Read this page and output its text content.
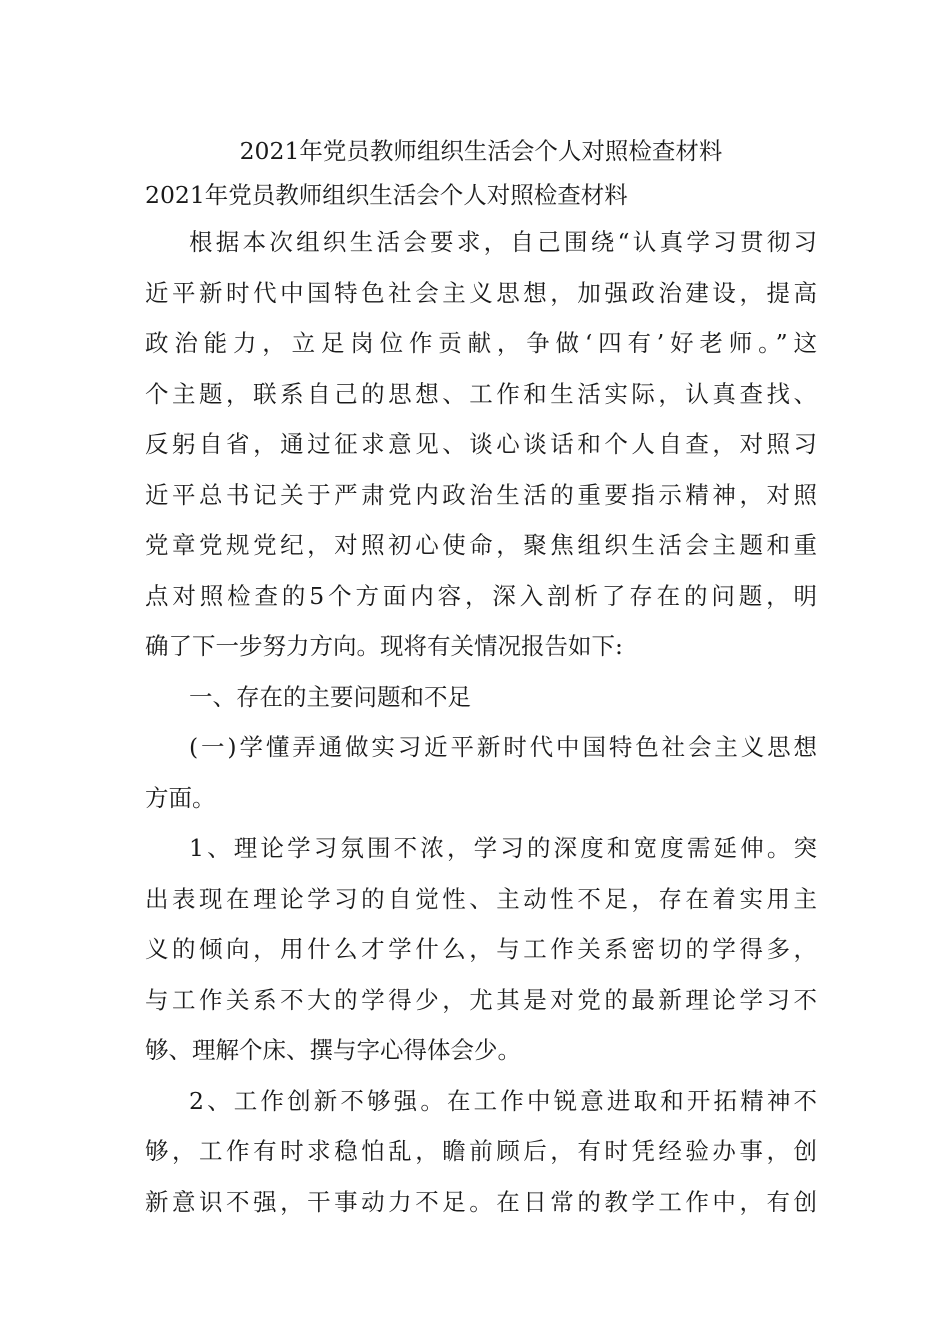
2021年党员教师组织生活会个人对照检查材料
2021年党员教师组织生活会个人对照检查材料
根据本次组织生活会要求，自己围绕“认真学习贯彻习
近平新时代中国特色社会主义思想，加强政治建设，提高
政治能力，立足岗位作贡献，争做‘四有’好老师。”这
个主题，联系自己的思想、工作和生活实际，认真查找、
反躬自省，通过征求意见、谈心谈话和个人自查，对照习
近平总书记关于严肃党内政治生活的重要指示精神，对照
党章党规党纪，对照初心使命，聚焦组织生活会主题和重
点对照检查的5个方面内容，深入剖析了存在的问题，明
确了下一步努力方向。现将有关情况报告如下:
一、存在的主要问题和不足
(一)学懂弄通做实习近平新时代中国特色社会主义思想
方面。
1、理论学习氛围不浓，学习的深度和宽度需延伸。突
出表现在理论学习的自觉性、主动性不足，存在着实用主
义的倾向，用什么才学什么，与工作关系密切的学得多，
与工作关系不大的学得少，尤其是对党的最新理论学习不
够、理解个床、撰与字心得体会少。
2、工作创新不够强。在工作中锐意进取和开拓精神不
够，工作有时求稳怕乱，瞻前顾后，有时凭经验办事，创
新意识不强，干事动力不足。在日常的教学工作中，有创
